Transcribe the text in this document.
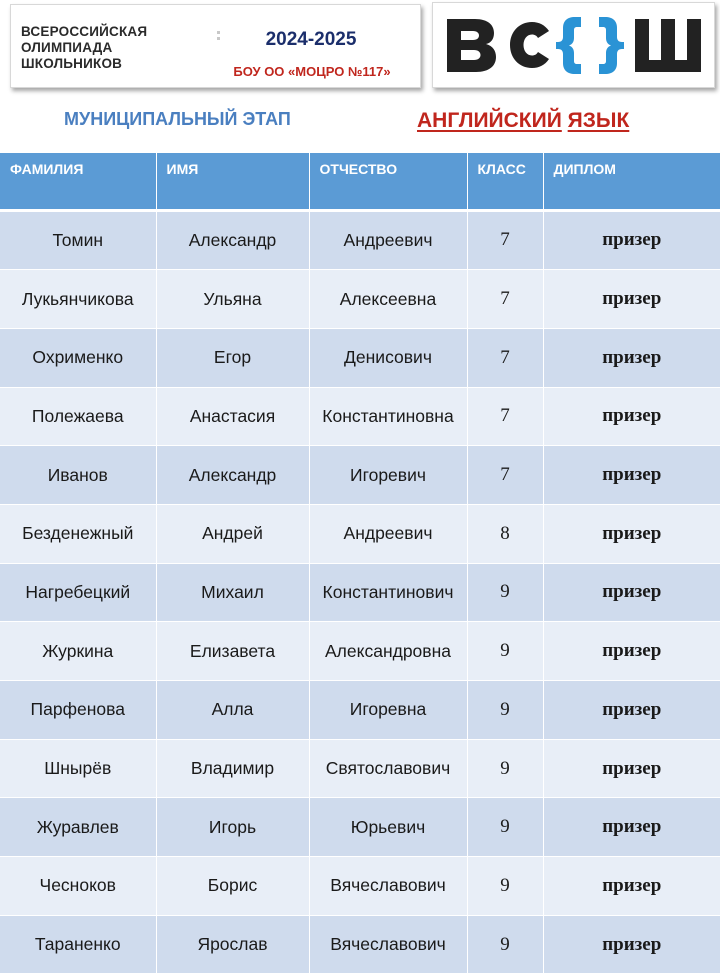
ВСЕРОССИЙСКАЯ
ОЛИМПИАДА
ШКОЛЬНИКОВ

2024-2025
БОУ ОО «МОЦРО №117»

МУНИЦИПАЛЬНЫЙ ЭТАП	АНГЛИЙСКИЙ ЯЗЫК

ФАМИЛИЯ	ИМЯ	ОТЧЕСТВО	КЛАСС	ДИПЛОМ
Томин	Александр	Андреевич	7	призер
Лукьянчикова	Ульяна	Алексеевна	7	призер
Охрименко	Егор	Денисович	7	призер
Полежаева	Анастасия	Константиновна	7	призер
Иванов	Александр	Игоревич	7	призер
Безденежный	Андрей	Андреевич	8	призер
Нагребецкий	Михаил	Константинович	9	призер
Журкина	Елизавета	Александровна	9	призер
Парфенова	Алла	Игоревна	9	призер
Шнырёв	Владимир	Святославович	9	призер
Журавлев	Игорь	Юрьевич	9	призер
Чесноков	Борис	Вячеславович	9	призер
Тараненко	Ярослав	Вячеславович	9	призер
